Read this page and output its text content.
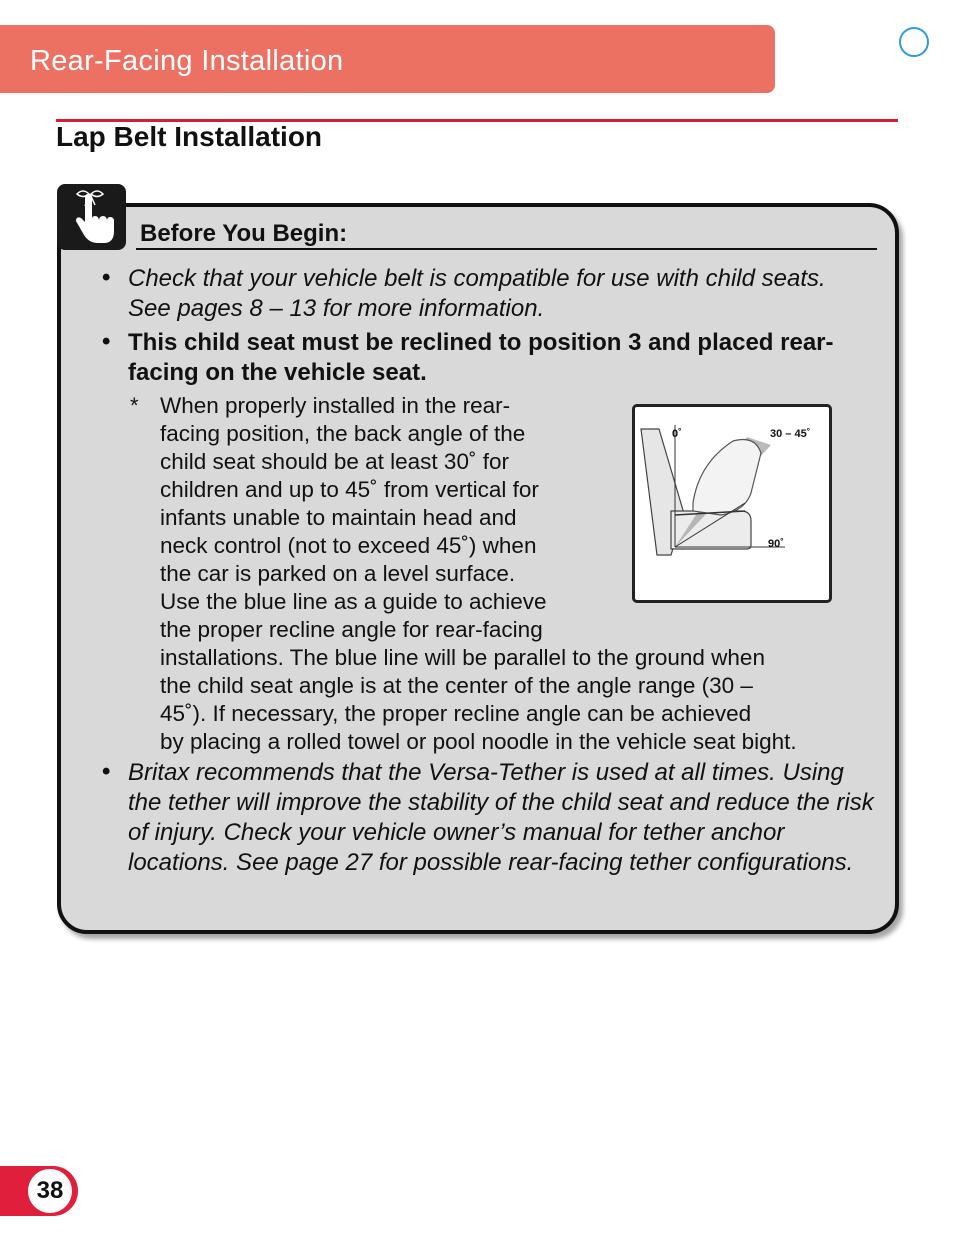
Rear-Facing Installation
Lap Belt Installation
Before You Begin:
• Check that your vehicle belt is compatible for use with child seats. See pages 8 – 13 for more information.
• This child seat must be reclined to position 3 and placed rear-facing on the vehicle seat.
* When properly installed in the rear-
facing position, the back angle of the
child seat should be at least 30˚ for
children and up to 45˚ from vertical for
infants unable to maintain head and
neck control (not to exceed 45˚) when
the car is parked on a level surface.
Use the blue line as a guide to achieve
the proper recline angle for rear-facing
installations. The blue line will be parallel to the ground when
the child seat angle is at the center of the angle range (30 –
45˚). If necessary, the proper recline angle can be achieved
by placing a rolled towel or pool noodle in the vehicle seat bight.
0˚	30 – 45˚
90˚
• Britax recommends that the Versa-Tether is used at all times. Using the tether will improve the stability of the child seat and reduce the risk of injury. Check your vehicle owner’s manual for tether anchor locations. See page 27 for possible rear-facing tether configurations.
38
